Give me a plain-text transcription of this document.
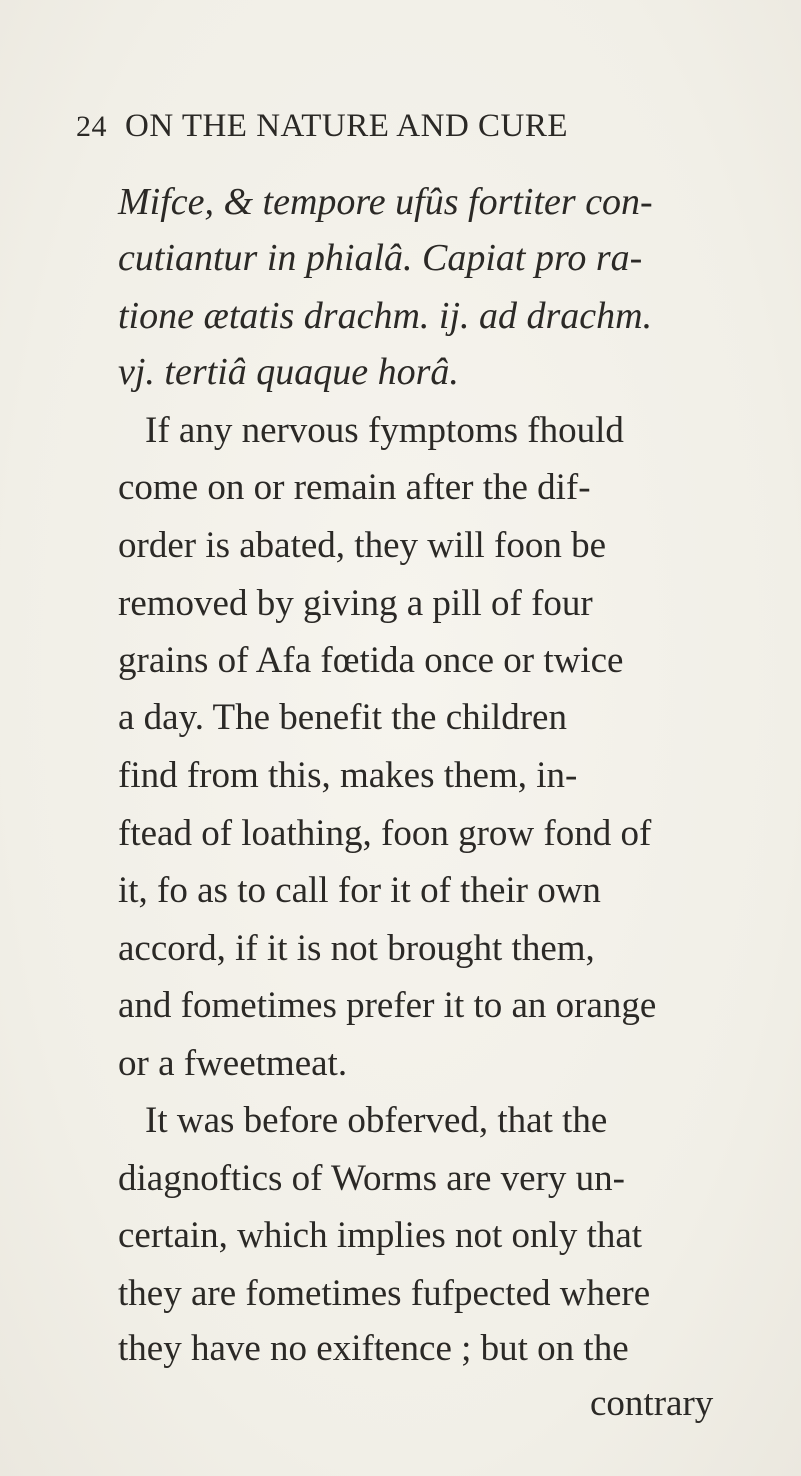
24 ON THE NATURE AND CURE
Mifce, & tempore ufûs fortiter con-
cutiantur in phialâ. Capiat pro ra-
tione ætatis drachm. ij. ad drachm.
vj. tertiâ quaque horâ.
If any nervous fymptoms fhould
come on or remain after the dif-
order is abated, they will foon be
removed by giving a pill of four
grains of Afa fœtida once or twice
a day. The benefit the children
find from this, makes them, in-
ftead of loathing, foon grow fond of
it, fo as to call for it of their own
accord, if it is not brought them,
and fometimes prefer it to an orange
or a fweetmeat.
It was before obferved, that the
diagnoftics of Worms are very un-
certain, which implies not only that
they are fometimes fufpected where
they have no exiftence ; but on the
contrary
